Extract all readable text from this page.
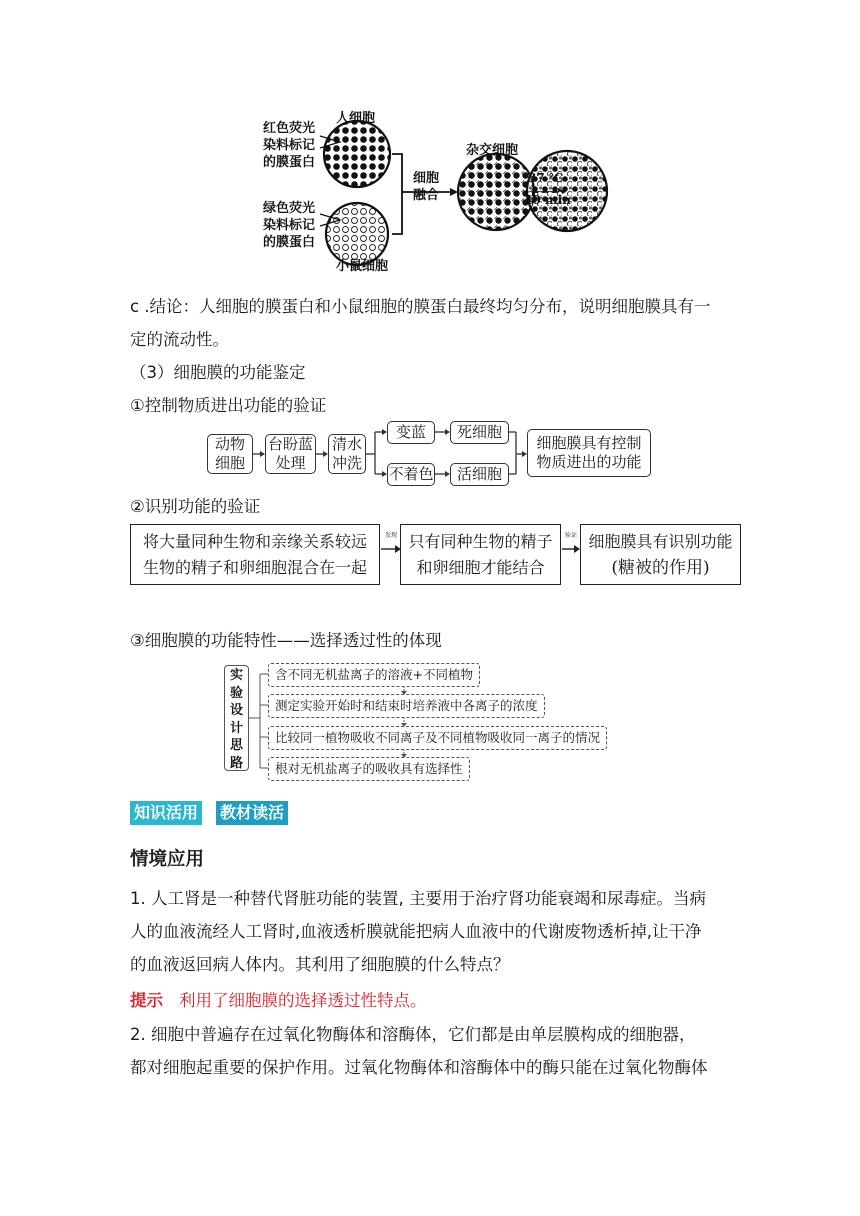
人细胞
红色荧光
染料标记
的膜蛋白
绿色荧光
染料标记
的膜蛋白
小鼠细胞
细胞
融合
杂交细胞
37 ℃
40 min
c .结论：人细胞的膜蛋白和小鼠细胞的膜蛋白最终均匀分布，说明细胞膜具有一
定的流动性。
（3）细胞膜的功能鉴定
①控制物质进出功能的验证
动物
细胞
台盼蓝
处理
清水
冲洗
变蓝	死细胞
不着色	活细胞
细胞膜具有控制
物质进出的功能
②识别功能的验证
将大量同种生物和亲缘关系较远
生物的精子和卵细胞混合在一起
发现 只有同种生物的精子
和卵细胞才能结合
验证 细胞膜具有识别功能
(糖被的作用)
③细胞膜的功能特性——选择透过性的体现
实
验
设
计
思
路
含不同无机盐离子的溶液+不同植物
测定实验开始时和结束时培养液中各离子的浓度
比较同一植物吸收不同离子及不同植物吸收同一离子的情况
根对无机盐离子的吸收具有选择性
知识活用 教材读活
情境应用
1. 人工肾是一种替代肾脏功能的装置, 主要用于治疗肾功能衰竭和尿毒症。当病
人的血液流经人工肾时,血液透析膜就能把病人血液中的代谢废物透析掉,让干净
的血液返回病人体内。其利用了细胞膜的什么特点？
提示 利用了细胞膜的选择透过性特点。
2. 细胞中普遍存在过氧化物酶体和溶酶体，它们都是由单层膜构成的细胞器，
都对细胞起重要的保护作用。过氧化物酶体和溶酶体中的酶只能在过氧化物酶体
